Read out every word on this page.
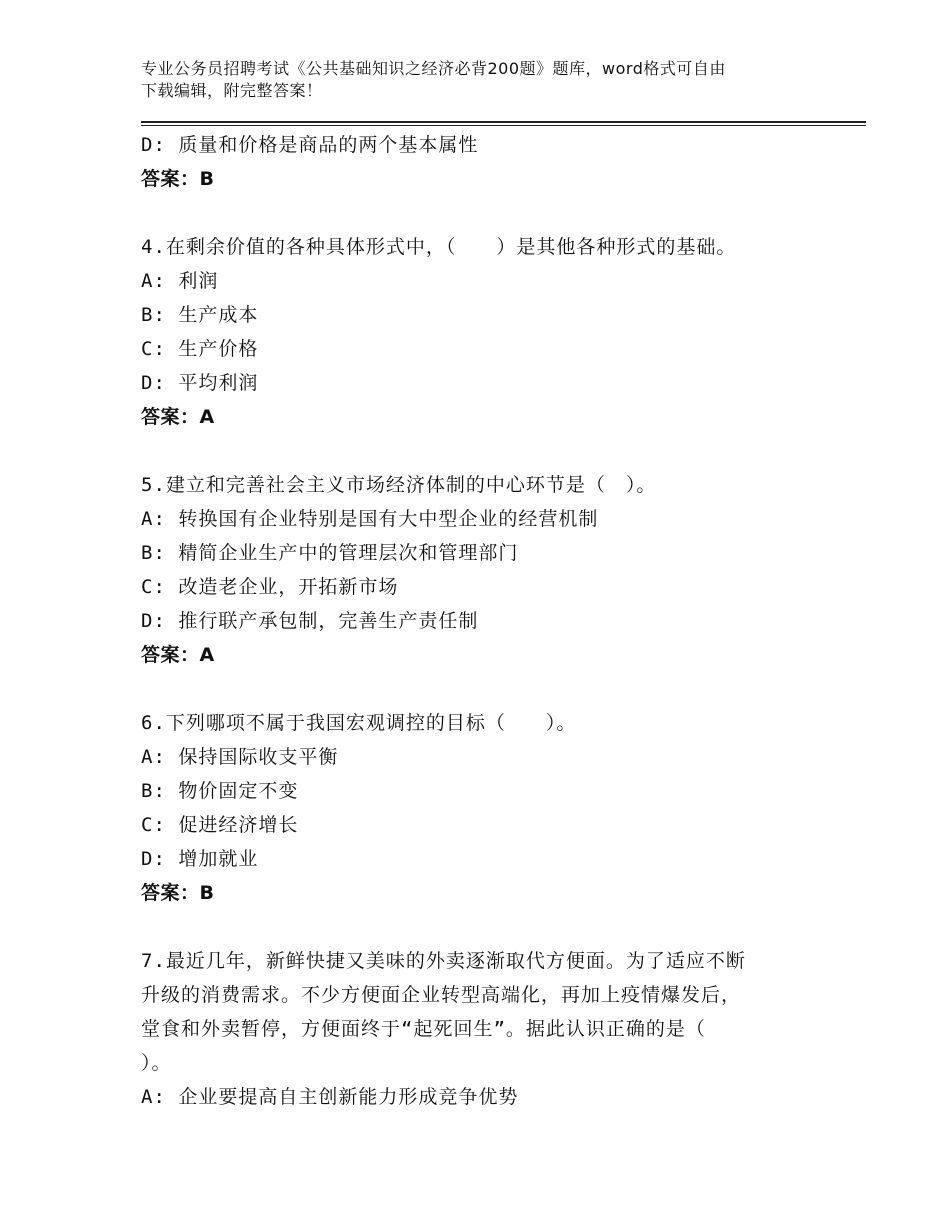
专业公务员招聘考试《公共基础知识之经济必背200题》题库，word格式可自由
下载编辑，附完整答案！
D: 质量和价格是商品的两个基本属性
答案：B
4.在剩余价值的各种具体形式中，（　　）是其他各种形式的基础。
A: 利润
B: 生产成本
C: 生产价格
D: 平均利润
答案：A
5.建立和完善社会主义市场经济体制的中心环节是（　）。
A: 转换国有企业特别是国有大中型企业的经营机制
B: 精简企业生产中的管理层次和管理部门
C: 改造老企业，开拓新市场
D: 推行联产承包制，完善生产责任制
答案：A
6.下列哪项不属于我国宏观调控的目标（　　）。
A: 保持国际收支平衡
B: 物价固定不变
C: 促进经济增长
D: 增加就业
答案：B
7.最近几年，新鲜快捷又美味的外卖逐渐取代方便面。为了适应不断
升级的消费需求。不少方便面企业转型高端化，再加上疫情爆发后，
堂食和外卖暂停，方便面终于“起死回生”。据此认识正确的是（
）。
A: 企业要提高自主创新能力形成竞争优势
